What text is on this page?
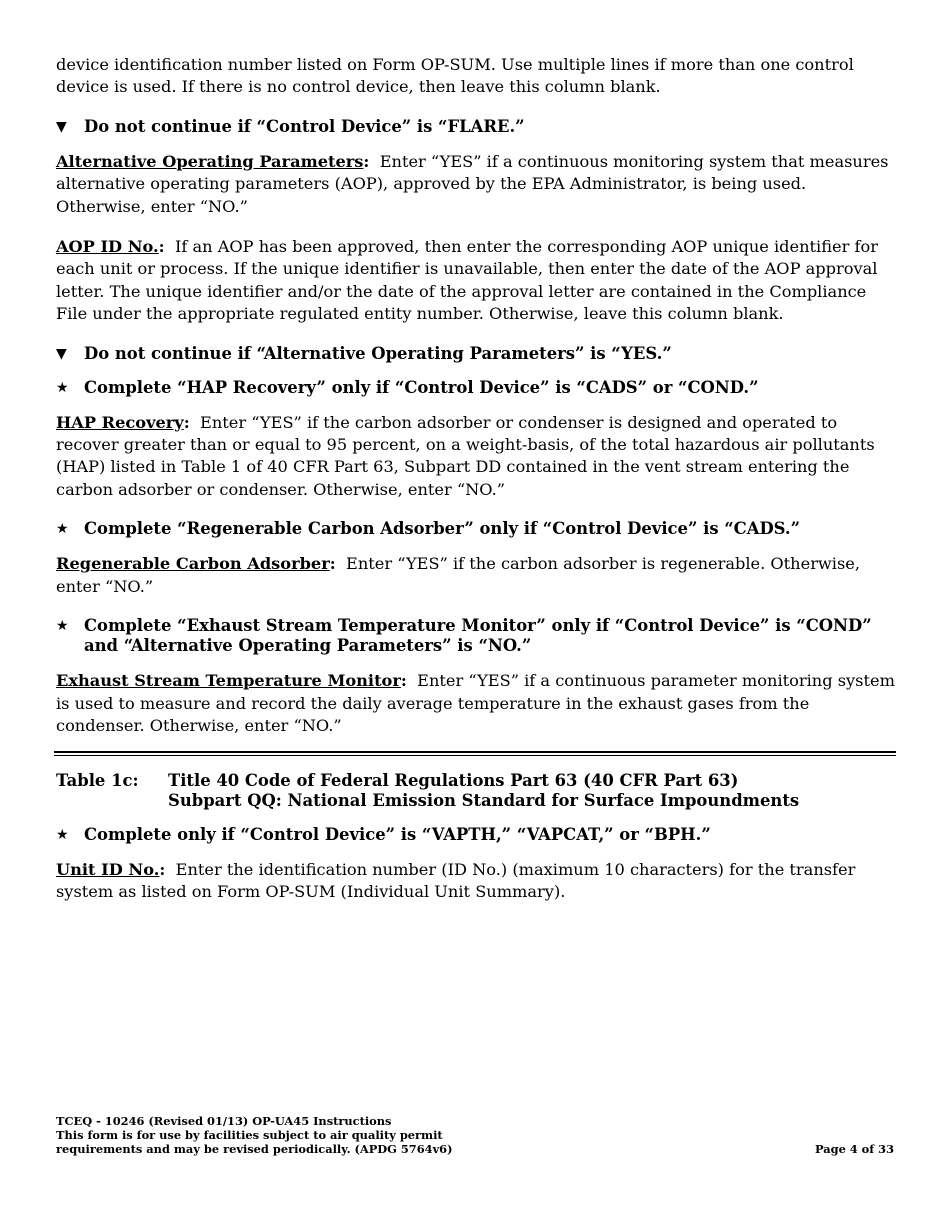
device identification number listed on Form OP-SUM. Use multiple lines if more than one control device is used. If there is no control device, then leave this column blank.

▼	Do not continue if “Control Device” is “FLARE.”

Alternative Operating Parameters: Enter “YES” if a continuous monitoring system that measures alternative operating parameters (AOP), approved by the EPA Administrator, is being used. Otherwise, enter “NO.”

AOP ID No.: If an AOP has been approved, then enter the corresponding AOP unique identifier for each unit or process. If the unique identifier is unavailable, then enter the date of the AOP approval letter. The unique identifier and/or the date of the approval letter are contained in the Compliance File under the appropriate regulated entity number. Otherwise, leave this column blank.

▼	Do not continue if “Alternative Operating Parameters” is “YES.”
★ Complete “HAP Recovery” only if “Control Device” is “CADS” or “COND.”

HAP Recovery: Enter “YES” if the carbon adsorber or condenser is designed and operated to recover greater than or equal to 95 percent, on a weight-basis, of the total hazardous air pollutants (HAP) listed in Table 1 of 40 CFR Part 63, Subpart DD contained in the vent stream entering the carbon adsorber or condenser. Otherwise, enter “NO.”

★ Complete “Regenerable Carbon Adsorber” only if “Control Device” is “CADS.”

Regenerable Carbon Adsorber: Enter “YES” if the carbon adsorber is regenerable. Otherwise, enter “NO.”

★ Complete “Exhaust Stream Temperature Monitor” only if “Control Device” is “COND” and “Alternative Operating Parameters” is “NO.”

Exhaust Stream Temperature Monitor: Enter “YES” if a continuous parameter monitoring system is used to measure and record the daily average temperature in the exhaust gases from the condenser. Otherwise, enter “NO.”

Table 1c:	Title 40 Code of Federal Regulations Part 63 (40 CFR Part 63)
Subpart QQ: National Emission Standard for Surface Impoundments
★ Complete only if “Control Device” is “VAPTH,” “VAPCAT,” or “BPH.”

Unit ID No.: Enter the identification number (ID No.) (maximum 10 characters) for the transfer system as listed on Form OP-SUM (Individual Unit Summary).

TCEQ - 10246 (Revised 01/13) OP-UA45 Instructions
This form is for use by facilities subject to air quality permit
requirements and may be revised periodically. (APDG 5764v6)	Page 4 of 33
